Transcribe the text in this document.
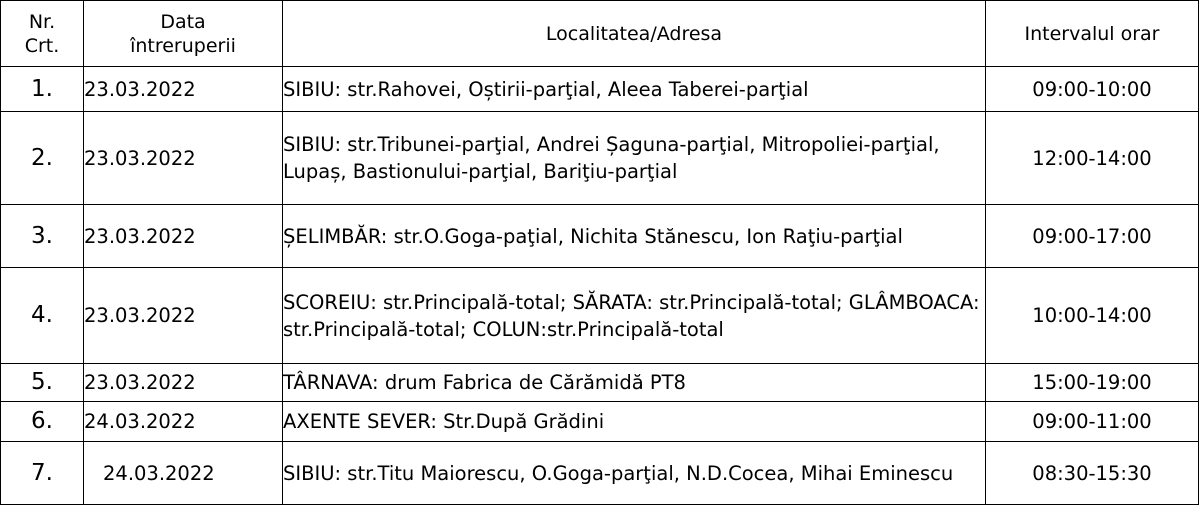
Nr. Crt.	Data întreruperii	Localitatea/Adresa	Intervalul orar
1.	23.03.2022	SIBIU: str.Rahovei, Oștirii-parţial, Aleea Taberei-parţial	09:00-10:00
2.	23.03.2022	SIBIU: str.Tribunei-parţial, Andrei Șaguna-parţial, Mitropoliei-parţial, Lupaș, Bastionului-parţial, Bariţiu-parţial	12:00-14:00
3.	23.03.2022	ȘELIMBĂR: str.O.Goga-paţial, Nichita Stănescu, Ion Raţiu-parţial	09:00-17:00
4.	23.03.2022	SCOREIU: str.Principală-total; SĂRATA: str.Principală-total; GLÂMBOACA: str.Principală-total; COLUN:str.Principală-total	10:00-14:00
5.	23.03.2022	TÂRNAVA: drum Fabrica de Cărămidă PT8	15:00-19:00
6.	24.03.2022	AXENTE SEVER: Str.După Grădini	09:00-11:00
7.	24.03.2022	SIBIU: str.Titu Maiorescu, O.Goga-parţial, N.D.Cocea, Mihai Eminescu	08:30-15:30
